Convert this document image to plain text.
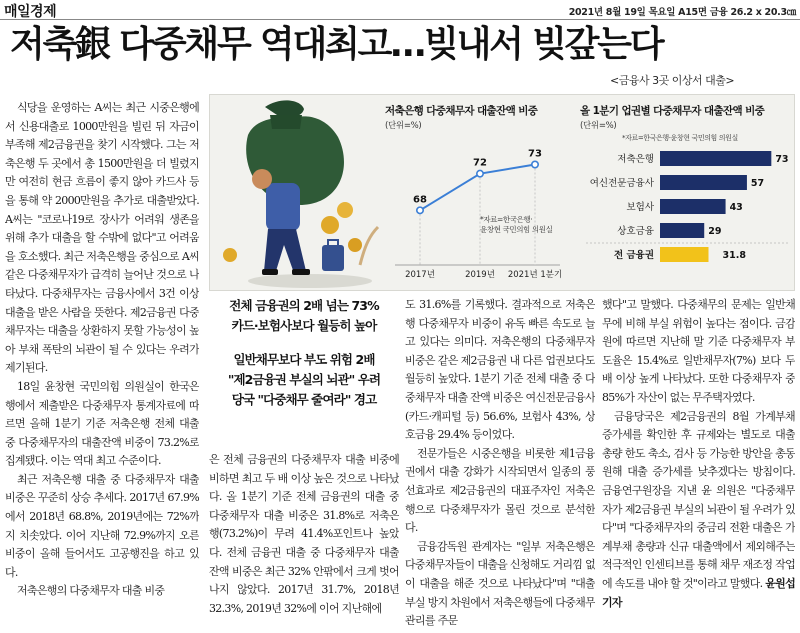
매일경제	2021년 8월 19일 목요일 A15면 금융 26.2 x 20.3㎝
저축銀 다중채무 역대최고…빚내서 빚갚는다
<금융사 3곳 이상서 대출>

식당을 운영하는 A씨는 최근 시중은행에서 신용대출로 1000만원을 빌린 뒤 자금이 부족해 제2금융권을 찾기 시작했다. 그는 저축은행 두 곳에서 총 1500만원을 더 빌렸지만 여전히 현금 흐름이 좋지 않아 카드사 등을 통해 약 2000만원을 추가로 대출받았다. A씨는 "코로나19로 장사가 어려워 생존을 위해 추가 대출을 할 수밖에 없다"고 어려움을 호소했다. 최근 저축은행을 중심으로 A씨 같은 다중채무자가 급격히 늘어난 것으로 나타났다. 다중채무자는 금융사에서 3건 이상 대출을 받은 사람을 뜻한다. 제2금융권 다중채무자는 대출을 상환하지 못할 가능성이 높아 부채 폭탄의 뇌관이 될 수 있다는 우려가 제기된다.

18일 윤창현 국민의힘 의원실이 한국은행에서 제출받은 다중채무자 통계자료에 따르면 올해 1분기 기준 저축은행 전체 대출 중 다중채무자의 대출잔액 비중이 73.2%로 집계됐다. 이는 역대 최고 수준이다.

최근 저축은행 대출 중 다중채무자 대출 비중은 꾸준히 상승 추세다. 2017년 67.9%에서 2018년 68.8%, 2019년에는 72%까지 치솟았다. 이어 지난해 72.9%까지 오른 비중이 올해 들어서도 고공행진을 하고 있다.

저축은행의 다중채무자 대출 비중

저축은행 다중채무자 대출잔액 비중
(단위=%)
68
2017년
72
2019년
73
2021년 1분기
*자료=한국은행·
윤창현 국민의힘 의원실
올 1분기 업권별 다중채무자 대출잔액 비중
(단위=%)
*자료=한국은행·윤창현 국민의힘 의원실
저축은행	73
여신전문금융사	57
보험사	43
상호금융	29
전 금융권	31.8
전체 금융권의 2배 넘는 73%
카드·보험사보다 월등히 높아
일반채무보다 부도 위험 2배
"제2금융권 부실의 뇌관" 우려
당국 "다중채무 줄여라" 경고

은 전체 금융권의 다중채무자 대출 비중에 비하면 최고 두 배 이상 높은 것으로 나타났다. 올 1분기 기준 전체 금융권의 대출 중 다중채무자 대출 비중은 31.8%로 저축은행(73.2%)이 무려 41.4%포인트나 높았다. 전체 금융권 대출 중 다중채무자 대출 잔액 비중은 최근 32% 안팎에서 크게 벗어나지 않았다. 2017년 31.7%, 2018년 32.3%, 2019년 32%에 이어 지난해에

도 31.6%를 기록했다. 결과적으로 저축은행 다중채무자 비중이 유독 빠른 속도로 늘고 있다는 의미다. 저축은행의 다중채무자 비중은 같은 제2금융권 내 다른 업권보다도 월등히 높았다. 1분기 기준 전체 대출 중 다중채무자 대출 잔액 비중은 여신전문금융사(카드·캐피털 등) 56.6%, 보험사 43%, 상호금융 29.4% 등이었다.

전문가들은 시중은행을 비롯한 제1금융권에서 대출 강화가 시작되면서 일종의 풍선효과로 제2금융권의 대표주자인 저축은행으로 다중채무자가 몰린 것으로 분석한다.

금융감독원 관계자는 "일부 저축은행은 다중채무자들이 대출을 신청해도 거리낌 없이 대출을 해준 것으로 나타났다"며 "대출 부실 방지 차원에서 저축은행들에 다중채무 관리를 주문

했다"고 말했다. 다중채무의 문제는 일반채무에 비해 부실 위험이 높다는 점이다. 금감원에 따르면 지난해 말 기준 다중채무자 부도율은 15.4%로 일반채무자(7%) 보다 두 배 이상 높게 나타났다. 또한 다중채무자 중 85%가 자산이 없는 무주택자였다.

금융당국은 제2금융권의 8월 가계부채 증가세를 확인한 후 규제와는 별도로 대출 총량 한도 축소, 검사 등 가능한 방안을 총동원해 대출 증가세를 낮추겠다는 방침이다. 금융연구원장을 지낸 윤 의원은 "다중채무자가 제2금융권 부실의 뇌관이 될 우려가 있다"며 "다중채무자의 중금리 전환 대출은 가계부채 총량과 신규 대출액에서 제외해주는 적극적인 인센티브를 통해 채무 재조정 작업에 속도를 내야 할 것"이라고 말했다. 윤원섭 기자
